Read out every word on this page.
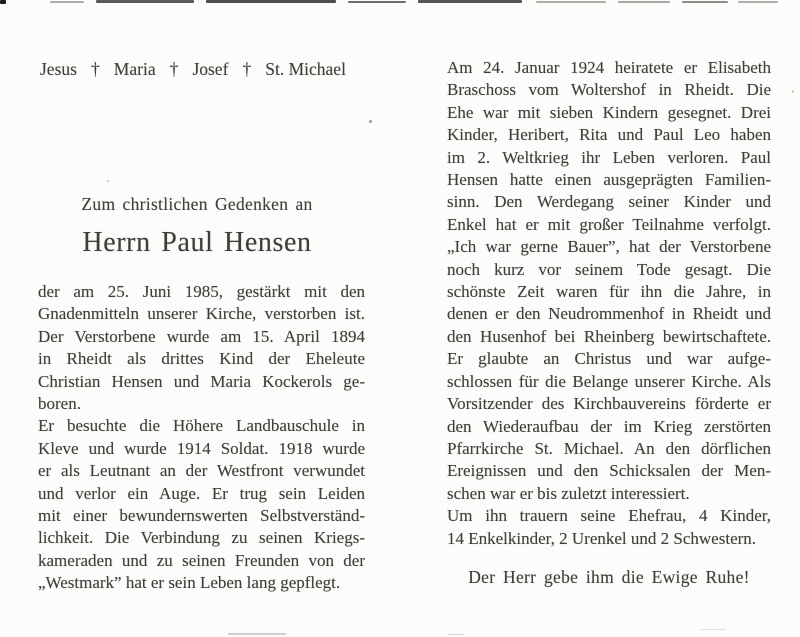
Jesus † Maria † Josef † St. Michael
Zum christlichen Gedenken an
Herrn Paul Hensen
der am 25. Juni 1985, gestärkt mit den
Gnadenmitteln unserer Kirche, verstorben ist.
Der Verstorbene wurde am 15. April 1894
in Rheidt als drittes Kind der Eheleute
Christian Hensen und Maria Kockerols ge-
boren.
Er besuchte die Höhere Landbauschule in
Kleve und wurde 1914 Soldat. 1918 wurde
er als Leutnant an der Westfront verwundet
und verlor ein Auge. Er trug sein Leiden
mit einer bewundernswerten Selbstverständ-
lichkeit. Die Verbindung zu seinen Kriegs-
kameraden und zu seinen Freunden von der
„Westmark” hat er sein Leben lang gepflegt.
Am 24. Januar 1924 heiratete er Elisabeth
Braschoss vom Woltershof in Rheidt. Die
Ehe war mit sieben Kindern gesegnet. Drei
Kinder, Heribert, Rita und Paul Leo haben
im 2. Weltkrieg ihr Leben verloren. Paul
Hensen hatte einen ausgeprägten Familien-
sinn. Den Werdegang seiner Kinder und
Enkel hat er mit großer Teilnahme verfolgt.
„Ich war gerne Bauer”, hat der Verstorbene
noch kurz vor seinem Tode gesagt. Die
schönste Zeit waren für ihn die Jahre, in
denen er den Neudrommenhof in Rheidt und
den Husenhof bei Rheinberg bewirtschaftete.
Er glaubte an Christus und war aufge-
schlossen für die Belange unserer Kirche. Als
Vorsitzender des Kirchbauvereins förderte er
den Wiederaufbau der im Krieg zerstörten
Pfarrkirche St. Michael. An den dörflichen
Ereignissen und den Schicksalen der Men-
schen war er bis zuletzt interessiert.
Um ihn trauern seine Ehefrau, 4 Kinder,
14 Enkelkinder, 2 Urenkel und 2 Schwestern.
Der Herr gebe ihm die Ewige Ruhe!
